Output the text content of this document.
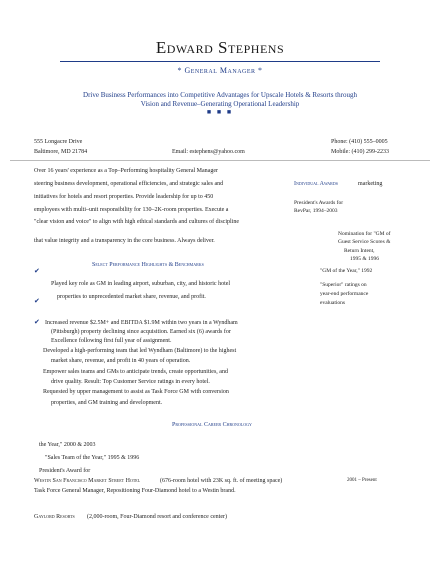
Edward Stephens
* General Manager *
Drive Business Performances into Competitive Advantages for Upscale Hotels & Resorts through
Vision and Revenue–Generating Operational Leadership
■ ■ ■
555 Longacre Drive
Baltimore, MD 21784	Email: estephens@yahoo.com
Phone: (410) 555–0005
Mobile: (410) 299-2233
Over 16 years' experience as a Top–Performing hospitality General Manager
steering business development, operational efficiencies, and strategic sales and
initiatives for hotels and resort properties. Provide leadership for up to 450
employees with multi–unit responsibility for 130–2K-room properties. Execute a
"clear vision and voice" to align with high ethical standards and cultures of discipline
that value integrity and a transparency in the core business. Always deliver.
Individual Awards	marketing
President's Awards for
RevPar, 1994–2003
Nomination for "GM of
Guest Service Scores &
Return Intent,
1995 & 1996
"GM of the Year," 1992
"Superior" ratings on
year-end performance
evaluations
Select Performance Highlights & Benchmarks
✔
Played key role as GM in leading airport, suburban, city, and historic hotel
✔	properties to unprecedented market share, revenue, and profit.
✔ Increased revenue $2.5M+ and EBITDA $1.9M within two years in a Wyndham
(Pittsburgh) property declining since acquisition. Earned six (6) awards for
Excellence following first full year of assignment.
Developed a high-performing team that led Wyndham (Baltimore) to the highest
market share, revenue, and profit in 40 years of operation.
Empower sales teams and GMs to anticipate trends, create opportunities, and
drive quality. Result: Top Customer Service ratings in every hotel.
Requested by upper management to assist as Task Force GM with conversion
properties, and GM training and development.
Professional Career Chronology
the Year," 2000 & 2003
"Sales Team of the Year," 1995 & 1996
President's Award for
Westin San Francisco Market Street Hotel	(676-room hotel with 23K sq. ft. of meeting space)	2001 – Present
Task Force General Manager, Repositioning Four-Diamond hotel to a Westin brand.
Gaylord Resorts (2,000-room, Four-Diamond resort and conference center)
